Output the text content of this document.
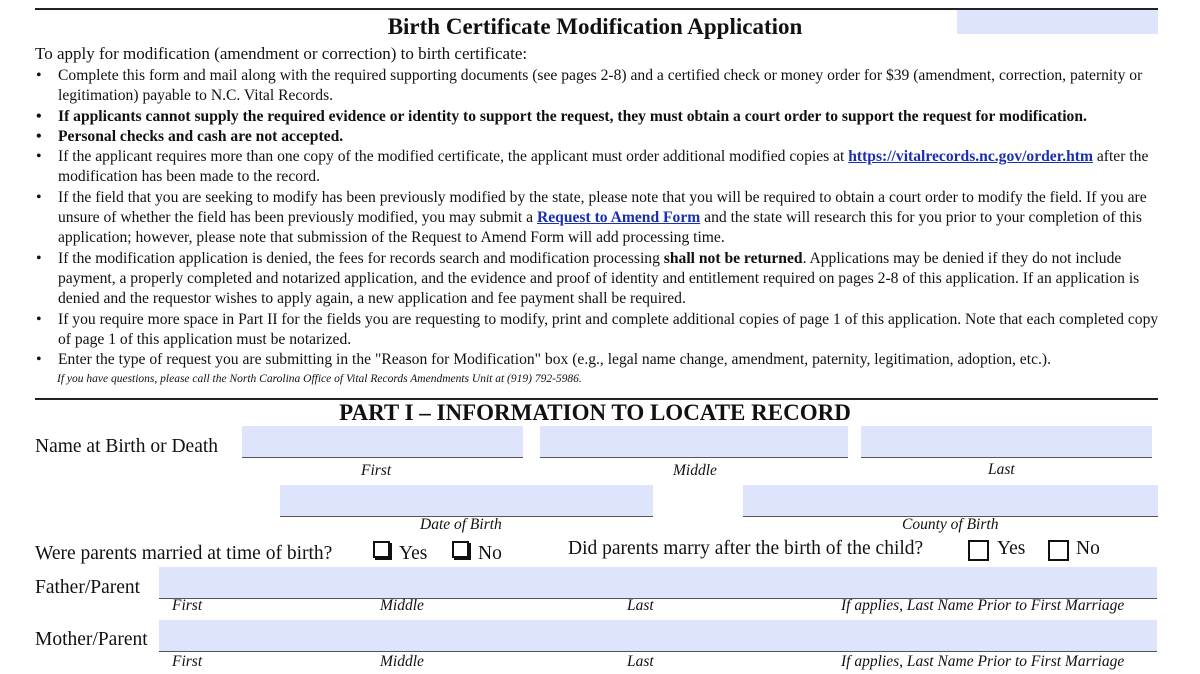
Birth Certificate Modification Application
To apply for modification (amendment or correction) to birth certificate:
• Complete this form and mail along with the required supporting documents (see pages 2-8) and a certified check or money order for $39 (amendment, correction, paternity or legitimation) payable to N.C. Vital Records.
• If applicants cannot supply the required evidence or identity to support the request, they must obtain a court order to support the request for modification.
• Personal checks and cash are not accepted.
• If the applicant requires more than one copy of the modified certificate, the applicant must order additional modified copies at https://vitalrecords.nc.gov/order.htm after the modification has been made to the record.
• If the field that you are seeking to modify has been previously modified by the state, please note that you will be required to obtain a court order to modify the field. If you are unsure of whether the field has been previously modified, you may submit a Request to Amend Form and the state will research this for you prior to your completion of this application; however, please note that submission of the Request to Amend Form will add processing time.
• If the modification application is denied, the fees for records search and modification processing shall not be returned. Applications may be denied if they do not include payment, a properly completed and notarized application, and the evidence and proof of identity and entitlement required on pages 2-8 of this application. If an application is denied and the requestor wishes to apply again, a new application and fee payment shall be required.
• If you require more space in Part II for the fields you are requesting to modify, print and complete additional copies of page 1 of this application. Note that each completed copy of page 1 of this application must be notarized.
• Enter the type of request you are submitting in the "Reason for Modification" box (e.g., legal name change, amendment, paternity, legitimation, adoption, etc.).
If you have questions, please call the North Carolina Office of Vital Records Amendments Unit at (919) 792-5986.
PART I – INFORMATION TO LOCATE RECORD
Name at Birth or Death
First	Middle	Last
Date of Birth	County of Birth
Were parents married at time of birth?	Yes	No	Did parents marry after the birth of the child?	Yes	No
Father/Parent
First	Middle	Last	If applies, Last Name Prior to First Marriage
Mother/Parent
First	Middle	Last	If applies, Last Name Prior to First Marriage
